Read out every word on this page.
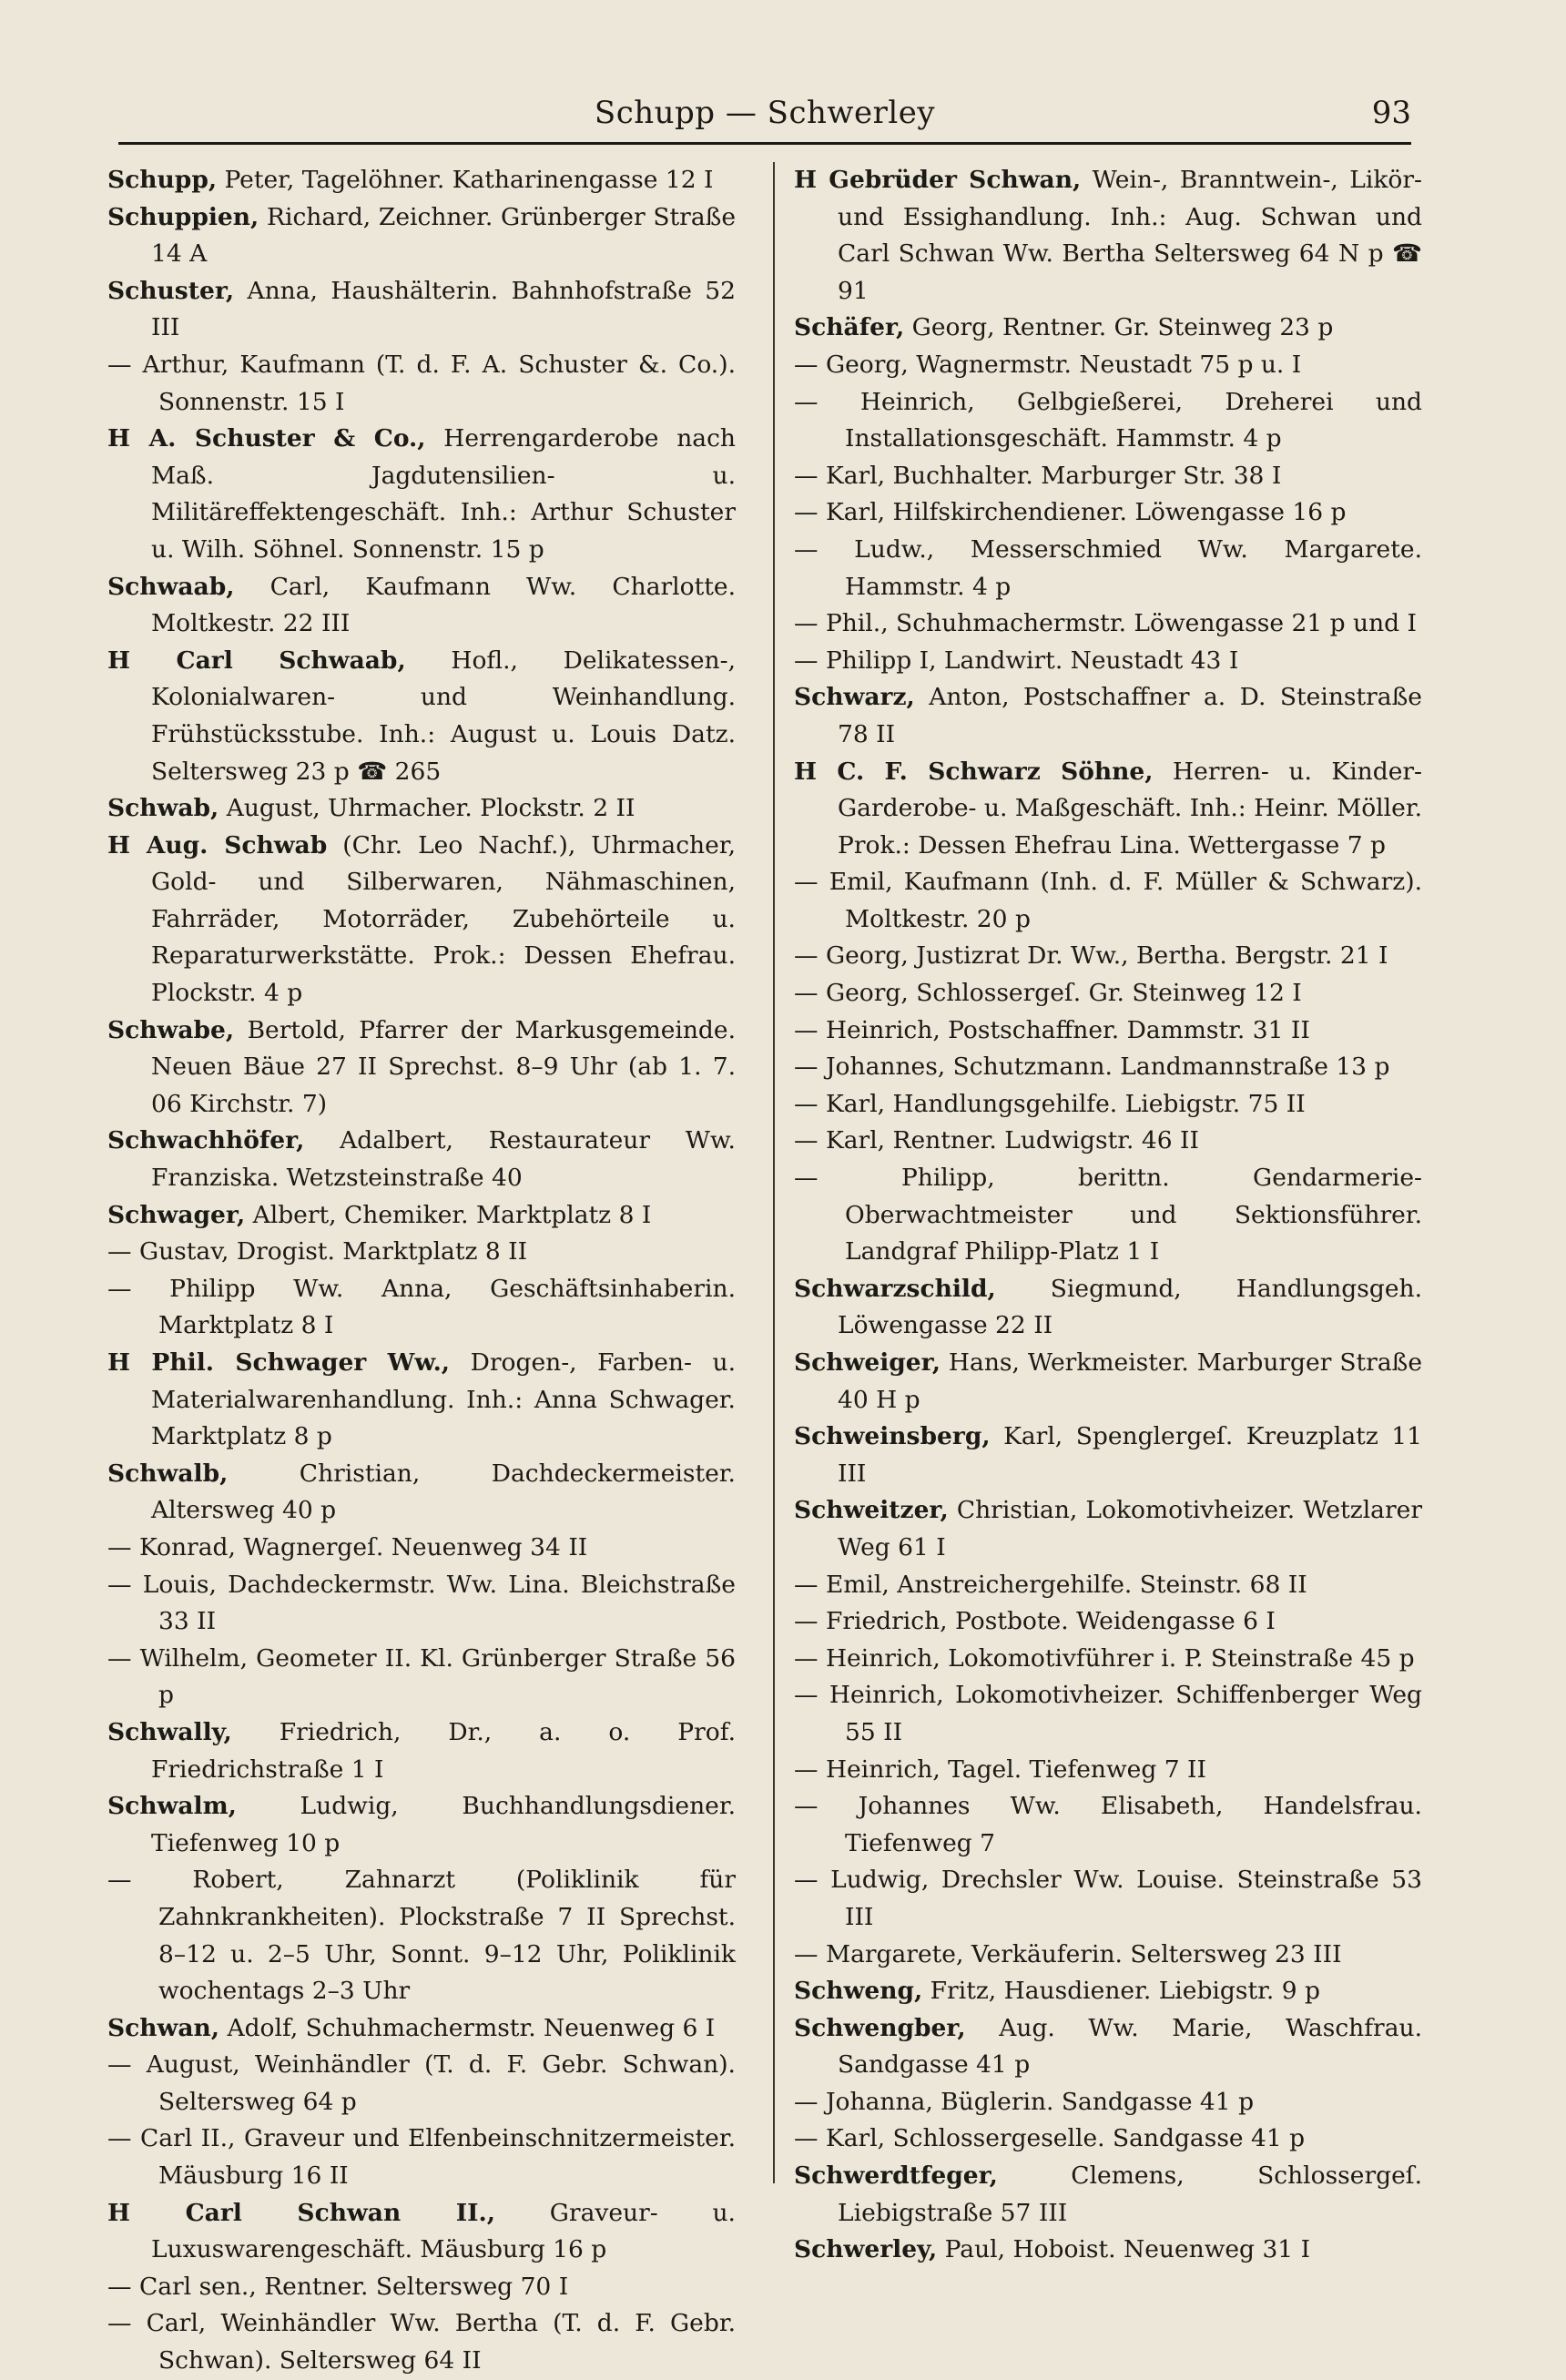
Schupp — Schwerley	93

Schupp, Peter, Tagelöhner. Katharinengasse 12 I

Schuppien, Richard, Zeichner. Grünberger Straße 14 A

Schuster, Anna, Haushälterin. Bahnhofstraße 52 III

— Arthur, Kaufmann (T. d. F. A. Schuster &. Co.). Sonnenstr. 15 I

H A. Schuster & Co., Herrengarderobe nach Maß. Jagdutensilien- u. Militäreffektengeschäft. Inh.: Arthur Schuster u. Wilh. Söhnel. Sonnenstr. 15 p

Schwaab, Carl, Kaufmann Ww. Charlotte. Moltkestr. 22 III

H Carl Schwaab, Hofl., Delikatessen-, Kolonialwaren- und Weinhandlung. Frühstücksstube. Inh.: August u. Louis Datz. Seltersweg 23 p ☎ 265

Schwab, August, Uhrmacher. Plockstr. 2 II

H Aug. Schwab (Chr. Leo Nachf.), Uhrmacher, Gold- und Silberwaren, Nähmaschinen, Fahrräder, Motorräder, Zubehörteile u. Reparaturwerkstätte. Prok.: Dessen Ehefrau. Plockstr. 4 p

Schwabe, Bertold, Pfarrer der Markusgemeinde. Neuen Bäue 27 II Sprechst. 8–9 Uhr (ab 1. 7. 06 Kirchstr. 7)

Schwachhöfer, Adalbert, Restaurateur Ww. Franziska. Wetzsteinstraße 40

Schwager, Albert, Chemiker. Marktplatz 8 I

— Gustav, Drogist. Marktplatz 8 II

— Philipp Ww. Anna, Geschäftsinhaberin. Marktplatz 8 I

H Phil. Schwager Ww., Drogen-, Farben- u. Materialwarenhandlung. Inh.: Anna Schwager. Marktplatz 8 p

Schwalb, Christian, Dachdeckermeister. Altersweg 40 p

— Konrad, Wagnergeſ. Neuenweg 34 II

— Louis, Dachdeckermstr. Ww. Lina. Bleichstraße 33 II

— Wilhelm, Geometer II. Kl. Grünberger Straße 56 p

Schwally, Friedrich, Dr., a. o. Prof. Friedrichstraße 1 I

Schwalm, Ludwig, Buchhandlungsdiener. Tiefenweg 10 p

— Robert, Zahnarzt (Poliklinik für Zahnkrankheiten). Plockstraße 7 II Sprechst. 8–12 u. 2–5 Uhr, Sonnt. 9–12 Uhr, Poliklinik wochentags 2–3 Uhr

Schwan, Adolf, Schuhmachermstr. Neuenweg 6 I

— August, Weinhändler (T. d. F. Gebr. Schwan). Seltersweg 64 p

— Carl II., Graveur und Elfenbeinschnitzermeister. Mäusburg 16 II

H Carl Schwan II., Graveur- u. Luxuswarengeschäft. Mäusburg 16 p

— Carl sen., Rentner. Seltersweg 70 I

— Carl, Weinhändler Ww. Bertha (T. d. F. Gebr. Schwan). Seltersweg 64 II

H Gebrüder Schwan, Wein-, Branntwein-, Likör- und Essighandlung. Inh.: Aug. Schwan und Carl Schwan Ww. Bertha Seltersweg 64 N p ☎ 91

Schäfer, Georg, Rentner. Gr. Steinweg 23 p

— Georg, Wagnermstr. Neustadt 75 p u. I

— Heinrich, Gelbgießerei, Dreherei und Installationsgeschäft. Hammstr. 4 p

— Karl, Buchhalter. Marburger Str. 38 I

— Karl, Hilfskirchendiener. Löwengasse 16 p

— Ludw., Messerschmied Ww. Margarete. Hammstr. 4 p

— Phil., Schuhmachermstr. Löwengasse 21 p und I

— Philipp I, Landwirt. Neustadt 43 I

Schwarz, Anton, Postschaffner a. D. Steinstraße 78 II

H C. F. Schwarz Söhne, Herren- u. Kinder-Garderobe- u. Maßgeschäft. Inh.: Heinr. Möller. Prok.: Dessen Ehefrau Lina. Wettergasse 7 p

— Emil, Kaufmann (Inh. d. F. Müller & Schwarz). Moltkestr. 20 p

— Georg, Justizrat Dr. Ww., Bertha. Bergstr. 21 I

— Georg, Schlossergeſ. Gr. Steinweg 12 I

— Heinrich, Postschaffner. Dammstr. 31 II

— Johannes, Schutzmann. Landmannstraße 13 p

— Karl, Handlungsgehilfe. Liebigstr. 75 II

— Karl, Rentner. Ludwigstr. 46 II

— Philipp, berittn. Gendarmerie-Oberwachtmeister und Sektionsführer. Landgraf Philipp-Platz 1 I

Schwarzschild, Siegmund, Handlungsgeh. Löwengasse 22 II

Schweiger, Hans, Werkmeister. Marburger Straße 40 H p

Schweinsberg, Karl, Spenglergeſ. Kreuzplatz 11 III

Schweitzer, Christian, Lokomotivheizer. Wetzlarer Weg 61 I

— Emil, Anstreichergehilfe. Steinstr. 68 II

— Friedrich, Postbote. Weidengasse 6 I

— Heinrich, Lokomotivführer i. P. Steinstraße 45 p

— Heinrich, Lokomotivheizer. Schiffenberger Weg 55 II

— Heinrich, Tagel. Tiefenweg 7 II

— Johannes Ww. Elisabeth, Handelsfrau. Tiefenweg 7

— Ludwig, Drechsler Ww. Louise. Steinstraße 53 III

— Margarete, Verkäuferin. Seltersweg 23 III

Schweng, Fritz, Hausdiener. Liebigstr. 9 p

Schwengber, Aug. Ww. Marie, Waschfrau. Sandgasse 41 p

— Johanna, Büglerin. Sandgasse 41 p

— Karl, Schlossergeselle. Sandgasse 41 p

Schwerdtfeger, Clemens, Schlossergeſ. Liebigstraße 57 III

Schwerley, Paul, Hoboist. Neuenweg 31 I
